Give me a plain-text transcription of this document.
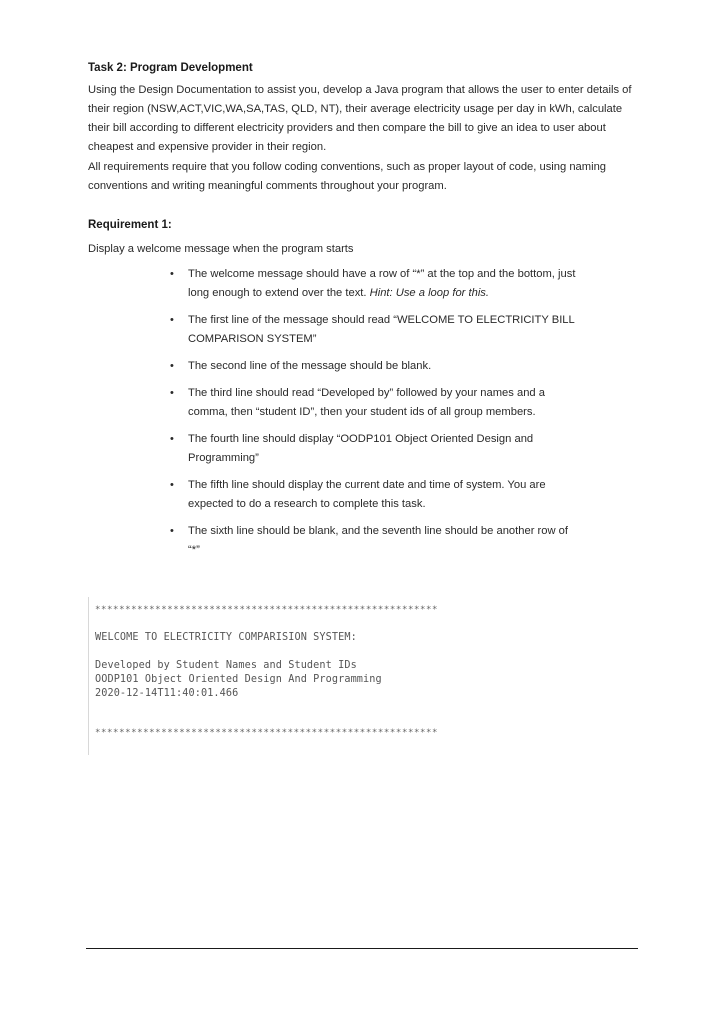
Task 2: Program Development
Using the Design Documentation to assist you, develop a Java program that allows the user to enter details of their region (NSW,ACT,VIC,WA,SA,TAS, QLD, NT), their average electricity usage per day in kWh, calculate their bill according to different electricity providers and then compare the bill to give an idea to user about cheapest and expensive provider in their region.
All requirements require that you follow coding conventions, such as proper layout of code, using naming conventions and writing meaningful comments throughout your program.
Requirement 1:
Display a welcome message when the program starts
• The welcome message should have a row of “*” at the top and the bottom, just long enough to extend over the text. Hint: Use a loop for this.
• The first line of the message should read “WELCOME TO ELECTRICITY BILL COMPARISON SYSTEM”
• The second line of the message should be blank.
• The third line should read “Developed by” followed by your names and a comma, then “student ID”, then your student ids of all group members.
• The fourth line should display “OODP101 Object Oriented Design and Programming”
• The fifth line should display the current date and time of system. You are expected to do a research to complete this task.
• The sixth line should be blank, and the seventh line should be another row of “*”
*********************************************************
WELCOME TO ELECTRICITY COMPARISION SYSTEM:
Developed by Student Names and Student IDs
OODP101 Object Oriented Design And Programming
2020-12-14T11:40:01.466
*********************************************************
